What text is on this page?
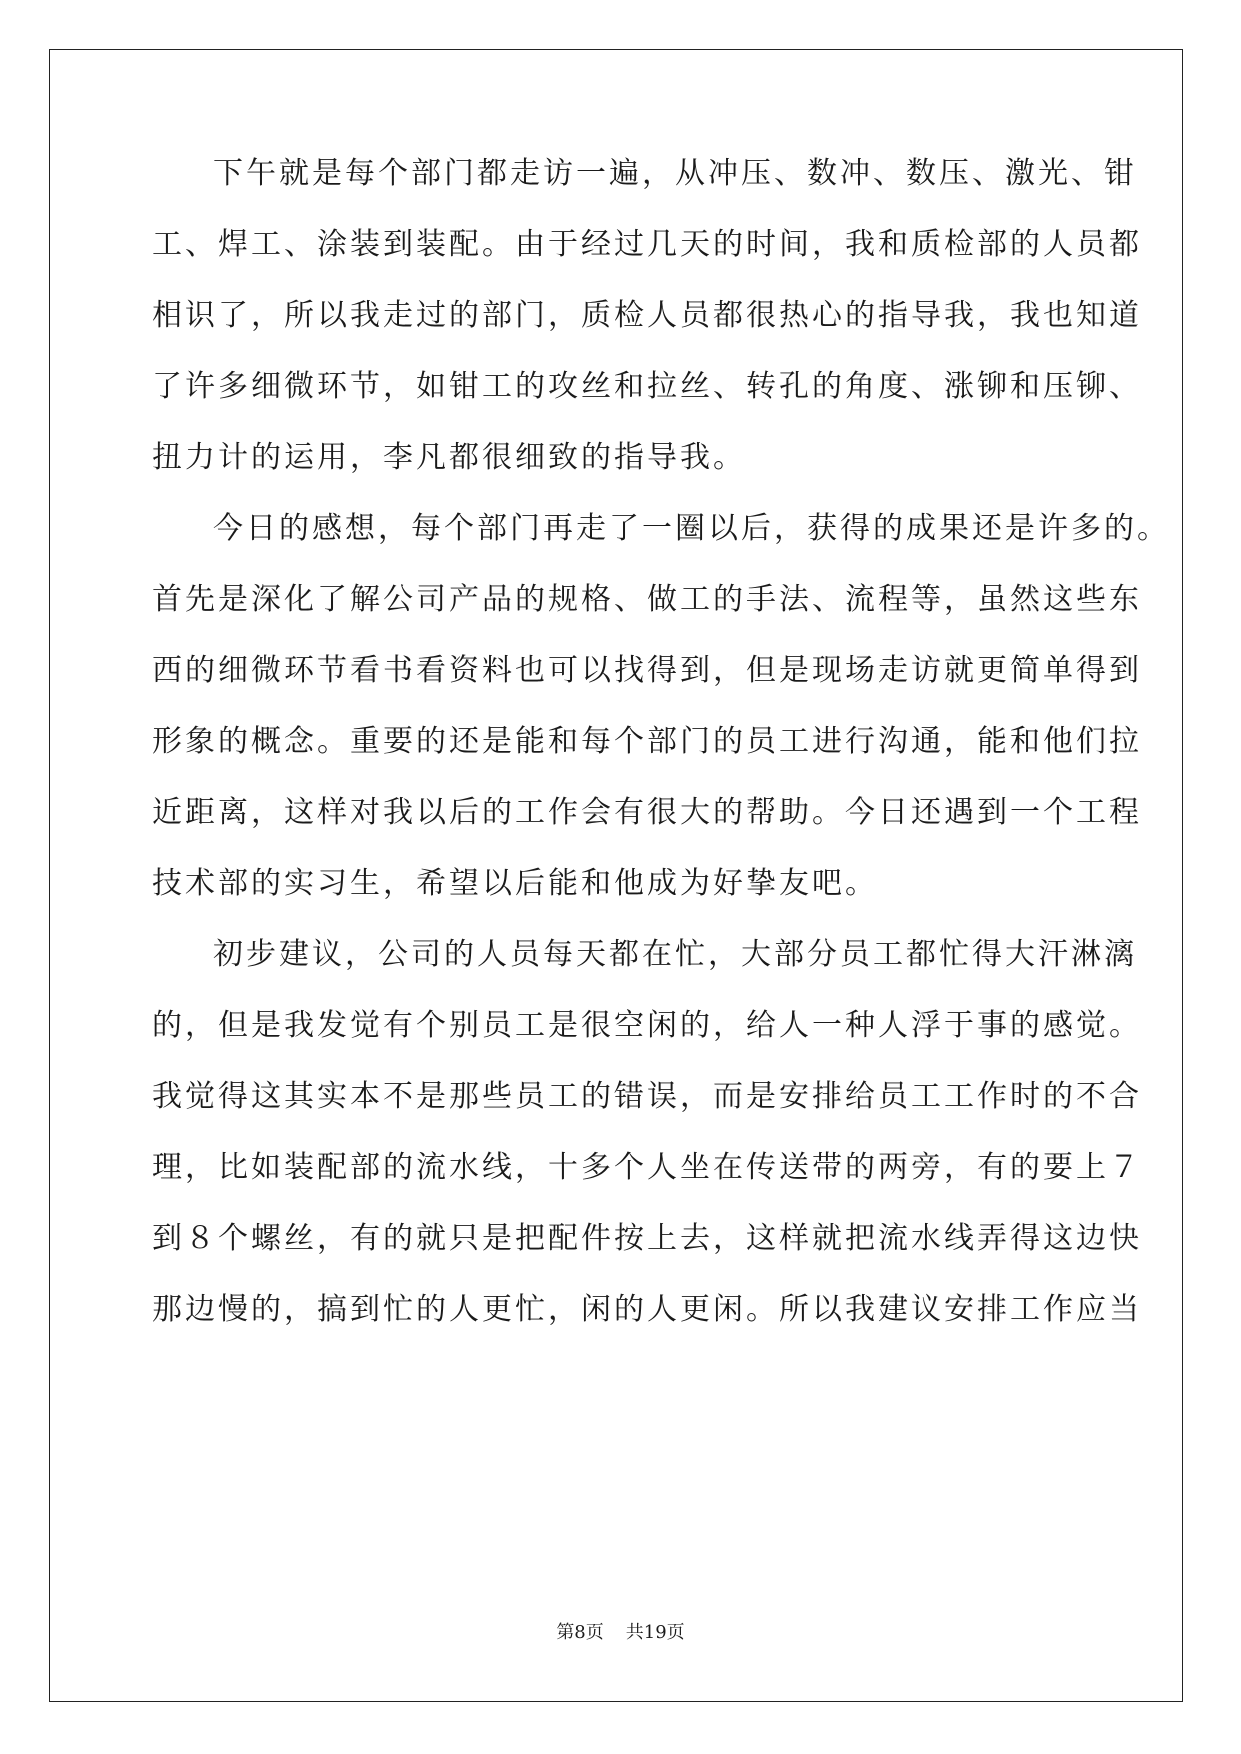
下午就是每个部门都走访一遍，从冲压、数冲、数压、激光、钳
工、焊工、涂装到装配。由于经过几天的时间，我和质检部的人员都
相识了，所以我走过的部门，质检人员都很热心的指导我，我也知道
了许多细微环节，如钳工的攻丝和拉丝、转孔的角度、涨铆和压铆、
扭力计的运用，李凡都很细致的指导我。
今日的感想，每个部门再走了一圈以后，获得的成果还是许多的。
首先是深化了解公司产品的规格、做工的手法、流程等，虽然这些东
西的细微环节看书看资料也可以找得到，但是现场走访就更简单得到
形象的概念。重要的还是能和每个部门的员工进行沟通，能和他们拉
近距离，这样对我以后的工作会有很大的帮助。今日还遇到一个工程
技术部的实习生，希望以后能和他成为好挚友吧。
初步建议，公司的人员每天都在忙，大部分员工都忙得大汗淋漓
的，但是我发觉有个别员工是很空闲的，给人一种人浮于事的感觉。
我觉得这其实本不是那些员工的错误，而是安排给员工工作时的不合
理，比如装配部的流水线，十多个人坐在传送带的两旁，有的要上７
到８个螺丝，有的就只是把配件按上去，这样就把流水线弄得这边快
那边慢的，搞到忙的人更忙，闲的人更闲。所以我建议安排工作应当
第8页 共19页
